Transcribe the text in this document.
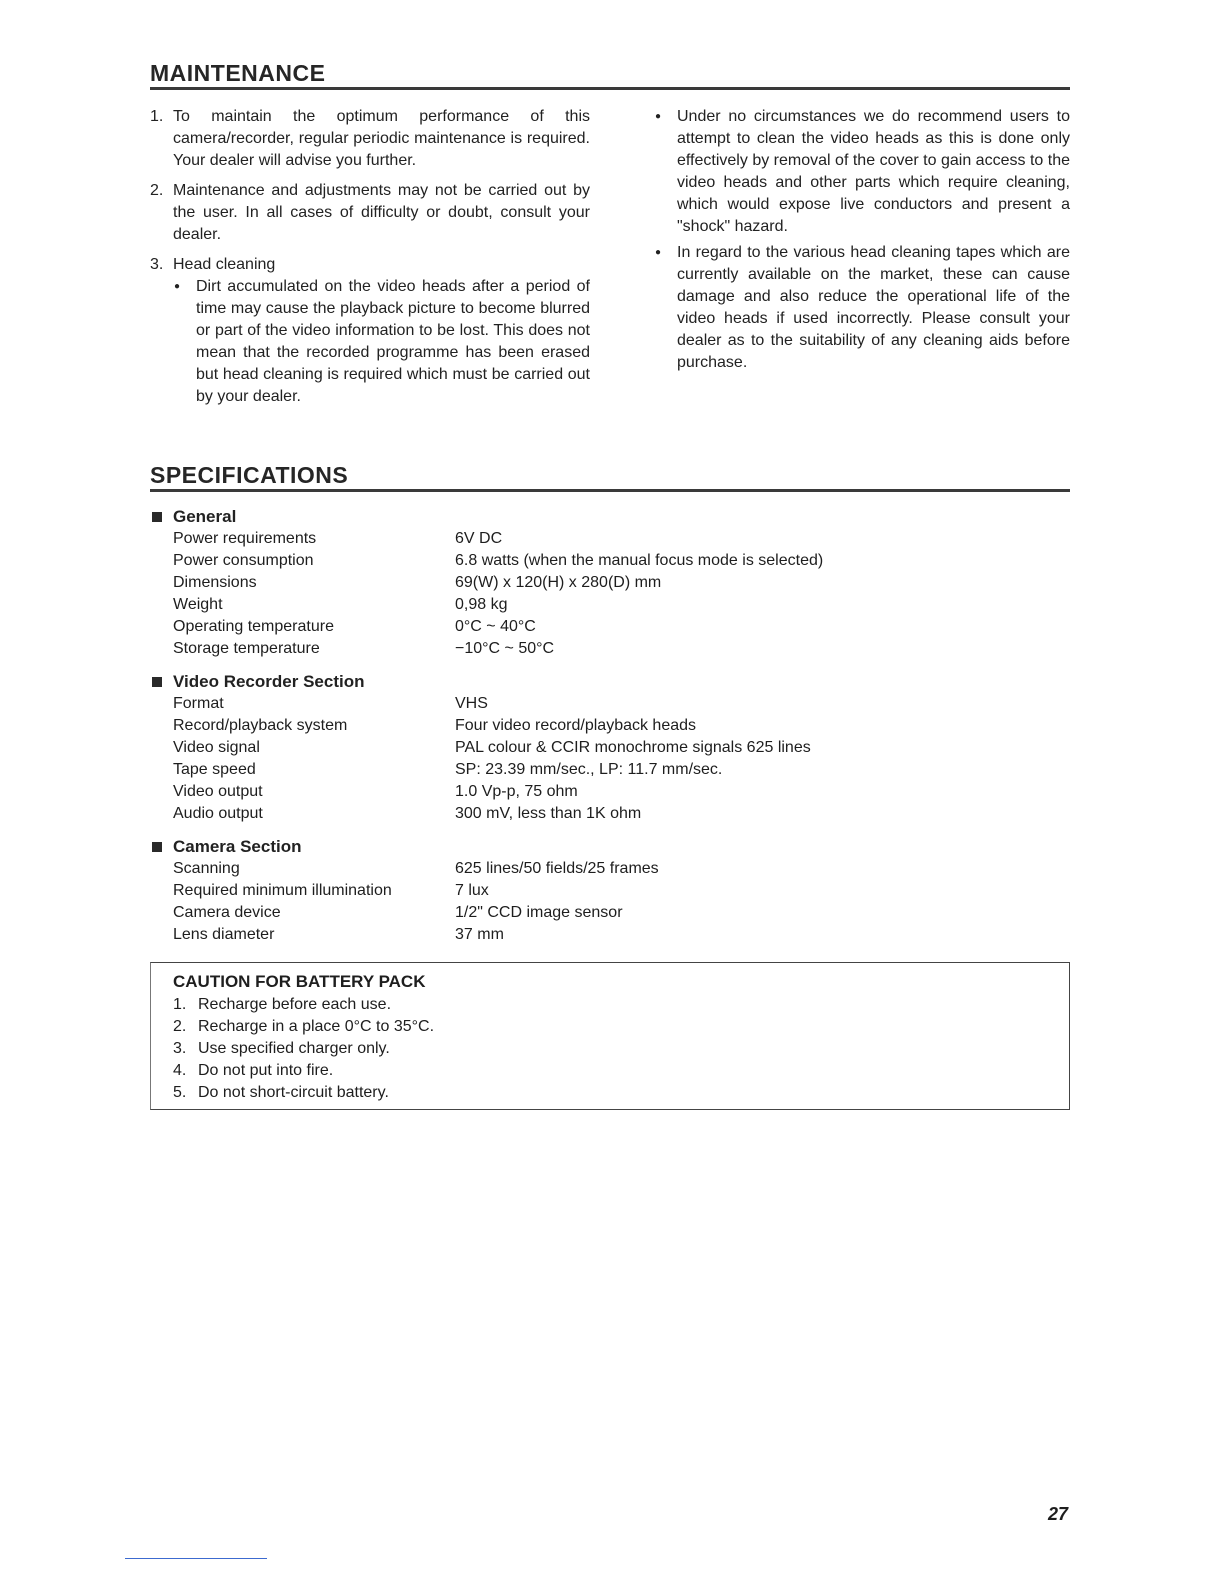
MAINTENANCE
1. To maintain the optimum performance of this camera/recorder, regular periodic maintenance is required. Your dealer will advise you further.
2. Maintenance and adjustments may not be carried out by the user. In all cases of difficulty or doubt, consult your dealer.
3. Head cleaning
● Dirt accumulated on the video heads after a period of time may cause the playback picture to become blurred or part of the video information to be lost. This does not mean that the recorded programme has been erased but head cleaning is required which must be carried out by your dealer.
● Under no circumstances we do recommend users to attempt to clean the video heads as this is done only effectively by removal of the cover to gain access to the video heads and other parts which require cleaning, which would expose live conductors and present a "shock" hazard.
● In regard to the various head cleaning tapes which are currently available on the market, these can cause damage and also reduce the operational life of the video heads if used incorrectly. Please consult your dealer as to the suitability of any cleaning aids before purchase.
SPECIFICATIONS
General
Power requirements	6V DC
Power consumption	6.8 watts (when the manual focus mode is selected)
Dimensions	69(W) x 120(H) x 280(D) mm
Weight	0,98 kg
Operating temperature	0°C ~ 40°C
Storage temperature	−10°C ~ 50°C
Video Recorder Section
Format	VHS
Record/playback system	Four video record/playback heads
Video signal	PAL colour & CCIR monochrome signals 625 lines
Tape speed	SP: 23.39 mm/sec., LP: 11.7 mm/sec.
Video output	1.0 Vp-p, 75 ohm
Audio output	300 mV, less than 1K ohm
Camera Section
Scanning	625 lines/50 fields/25 frames
Required minimum illumination	7 lux
Camera device	1/2" CCD image sensor
Lens diameter	37 mm
CAUTION FOR BATTERY PACK
1. Recharge before each use.
2. Recharge in a place 0°C to 35°C.
3. Use specified charger only.
4. Do not put into fire.
5. Do not short-circuit battery.
27
